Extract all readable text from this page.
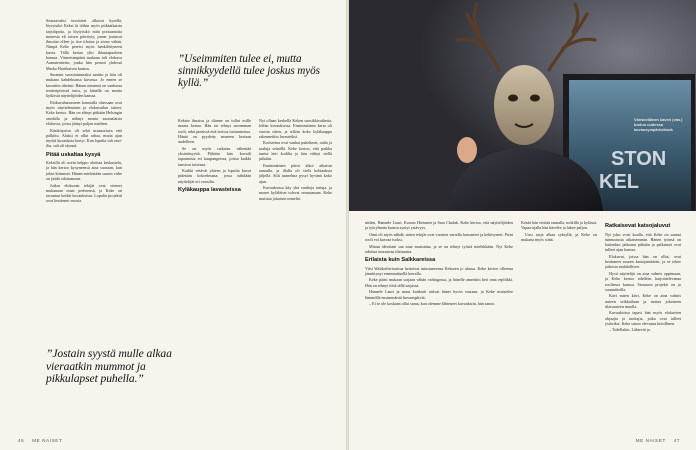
Seuraavaksi tavoitteet alkavat kysellä, löytyisikö Keksi tä töihin myös pitkäaikaista tarjolipotta, ja löytyisikö niitä portaantoita monesta eli toisen päivityty, jonne joutuvat ilmoitta olleet jo itse tiloista ja aivan vähän. Nimpä Keke pereisi myös henkilöityneen kuvia. Tällä kertaa yliti ikkunapuoleen kansaa. Viimeisimpänä mukaan tuli elokuva Aamuteatterin, jonka hän perusti yhdessä Marko Hartikaisen kanssa.

Suomen suosituimmaksi saatiin ja hän oli mukana kahdeksassa kuvassa. Jo ennen se kuvattiin tiheästi. Hänen nimensä on vanhassa teatteripiirissä tuttu, ja hänellä on monta kytköstä näyttelijöiden kanssa.

Elokuvaharrasteen kanssalla ohessaan ovat myös näyttelemisen ja elokuvailun taiteet, Keke kertoo. Hän on elänyt pitkään Helsingin seudulla ja nähnyt monia suomalaisia elokuvia, joista jäänyt paljon mieleen.

Käsikirjoitus oli sekä uraauurtava että palkittu. Aluksi ei ollut rahaa, mutta ajan myötä kuvauksia kertyi. Kun lopulta tuli ensi-ilta, sali oli täynnä.

Pitää uskaltaa kysyä

Keksillä oli usein helppo aloittaa keskustelu, ja hän kertoo kysyneensä aina suoraan, kun jokin kiinnosti. Hänen mielestään suurin virhe on jäädä odottamaan.

Jotkut elokuvan tekijät ovat vieneet mukanaan omat perheensä, ja Keke on tavannut heidät kuvauksissa. Lopulta projektit ovat kestäneet vuosia.

”Useimmiten tulee ei, mutta sinnikkyydellä tulee joskus myös kyllä.”

Keksin ilmaisu ja tilanne on tullut esille monta kertaa. Hän on tehnyt useamman rooli, sekä pienissä että isoissa tuotannoissa. Häntä on pyydetty moneen kertaan uudelleen.

Se on myös ratkaisu vähentää yksinäisyyttä. Pitkään hän kuvaili tapaamisia eri kaupungeissa, joissa kaikki tunsivat toisensa.

Kaikki vetävät yhteen ja lopulta kuvat pidetään kokoelmana, jossa nähdään näyttelijät eri vuosilta.

Kyläkauppa lavasteissa

Nyt ollaan keskellä Keken suosikkivaihetta, leffan kuvauksissa. Ensimmäinen kerta oli vuosia sitten, ja silloin koko kyläkauppa rakennettiin lavasteiksi.

Koristeina ovat vanhat puhelimet, radio ja tauluja seinällä. Keke kertoo, että paikka tuntui heti kodilta ja hän viihtyi siellä pitkään.

Ensimmäinen päivä alkoi aikaisin aamulla, ja illalla oli vielä kohtauksia jäljellä. Silti tunnelma pysyi hyvänä koko ajan.

Kuvauksissa käy yhä vanhoja tuttuja, ja monet kyläläiset tulevat seuraamaan. Keke muistaa jokaisen nimeltä.

”Jostain syystä mulle alkaa vieraatkin mummot ja pikkulapset puhella.”
46 ME NAISET
STON
KEL
Vänskeläinen kaveri (vas.) tuntuu uudessa kuvausympäristössä.

niiden, Hannele Lauri, Kosmo Hietanen ja Sara Chafak. Keke kertoo, että näyttelijöiden ja työryhmän kanssa syntyi ystävyys.

Onni oli myös nähdä, miten tekijät ovat vuosien varrella kasvaneet ja kehittyneet. Pieni rooli voi kasvaa isoksi.

Minun ideoitani saa aina mustuttaa, ja se on tehnyt työstä mielekkään. Nyt Keke odottaa seuraavaa tilaisuutta.

Erilaista kuin Salkkareissa

Viisi Waldorfin-tonttua kertoivat tutustuneensa Kekseen jo alussa. Keke kertoo olleensa jännittynyt ensimmäisellä kerralla.

Keke pääsi mukaan sarjaan vähän vahingossa, ja hänelle annettiin heti oma repliikki. Hän on tehnyt töitä tällä sarjassa.

Hannele Lauri ja muut konkarit ottivat hänet hyvin vastaan, ja Keke muistelee lämmöllä ensimmäisiä kuvauspäiviä.

– Ei se ole koskaan ollut sama, kun olemme lähteneet kuvauksiin, hän sanoo.

Kesää hän viettää rannalla, mökillä ja kylässä. Vapaa-ajalla hän kävelee ja lukee paljon.

Uusi sarja alkaa syksyllä, ja Keke on mukana myös siinä.

Ratkaisevat katsojaluvut

Nyt joku voisi kuulla, että Keke on saanut tunnustusta aikaisemmin. Hänen työnsä on kuitenkin jatkunut pitkään ja palkinnot ovat tulleet ajan kanssa.

Elokuvat, joissa hän on ollut, ovat keränneet suuren katsojamäärän, ja se tekee jatkosta mahdollisen.

Hyvä näyttelijä on aina valmis oppimaan, ja Keke kertoo edelleen harjoittelevansa rooliensa kanssa. Seuraava projekti on jo suunnitteilla.

Kävi miten kävi, Keke on aina valmis uuteen seikkailuun ja tarttuu jokaiseen tilaisuuteen innolla.

Kuvauksissa tapasi hän myös elokuvien ohjaajia ja tuottajia, jotka ovat tulleet ystäviksi. Keke sanoo olevansa kiitollinen.

– Todellakin. Lähtevät jo.

ME NAISET 47
